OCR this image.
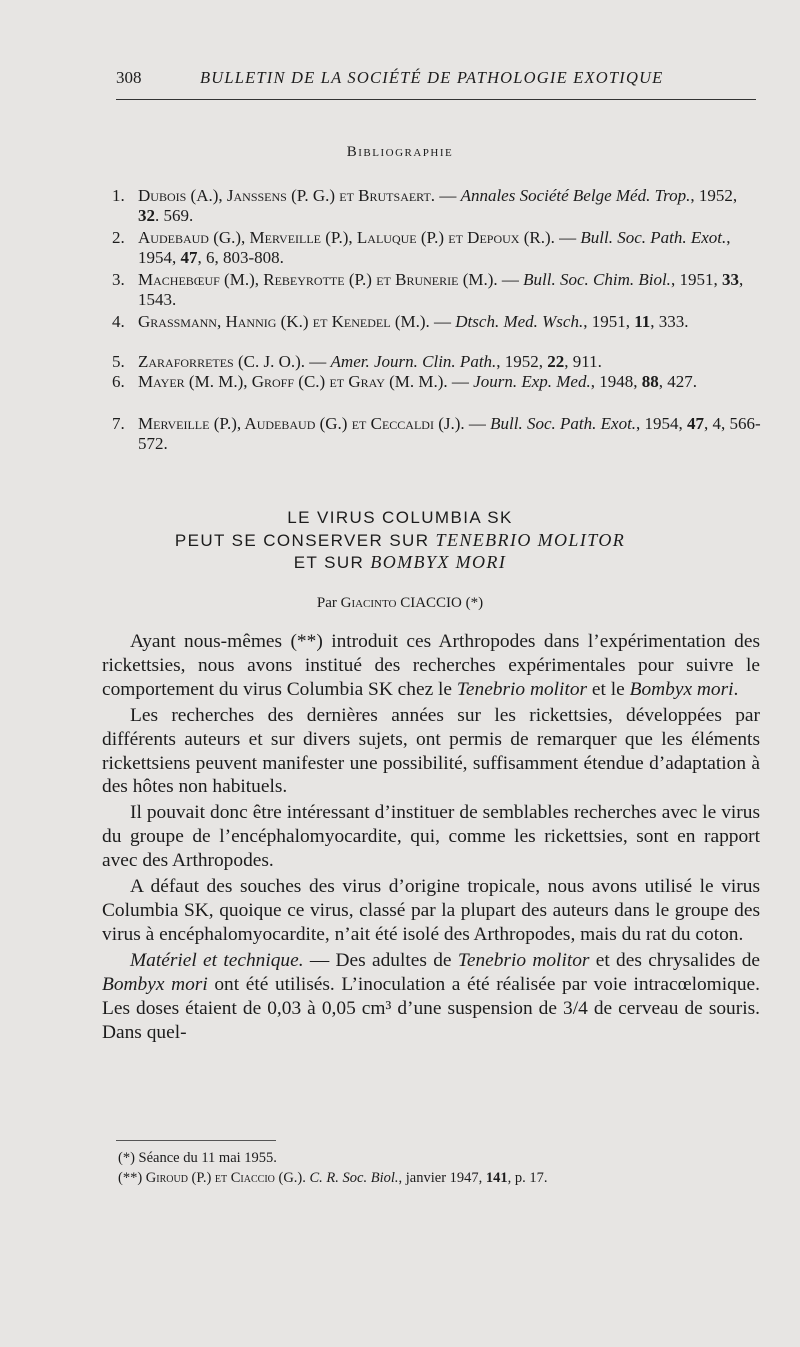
308	BULLETIN DE LA SOCIÉTÉ DE PATHOLOGIE EXOTIQUE
Bibliographie
1. Dubois (A.), Janssens (P. G.) et Brutsaert. — Annales Société Belge Méd. Trop., 1952, 32. 569.
2. Audebaud (G.), Merveille (P.), Laluque (P.) et Depoux (R.). — Bull. Soc. Path. Exot., 1954, 47, 6, 803-808.
3. Machebœuf (M.), Rebeyrotte (P.) et Brunerie (M.). — Bull. Soc. Chim. Biol., 1951, 33, 1543.
4. Grassmann, Hannig (K.) et Kenedel (M.). — Dtsch. Med. Wsch., 1951, 11, 333.
5. Zaraforretes (C. J. O.). — Amer. Journ. Clin. Path., 1952, 22, 911.
6. Mayer (M. M.), Groff (C.) et Gray (M. M.). — Journ. Exp. Med., 1948, 88, 427.
7. Merveille (P.), Audebaud (G.) et Ceccaldi (J.). — Bull. Soc. Path. Exot., 1954, 47, 4, 566-572.
LE VIRUS COLUMBIA SK
PEUT SE CONSERVER SUR TENEBRIO MOLITOR
ET SUR BOMBYX MORI
Par Giacinto CIACCIO (*)

Ayant nous-mêmes (**) introduit ces Arthropodes dans l’expérimentation des rickettsies, nous avons institué des recherches expérimentales pour suivre le comportement du virus Columbia SK chez le Tenebrio molitor et le Bombyx mori.

Les recherches des dernières années sur les rickettsies, développées par différents auteurs et sur divers sujets, ont permis de remarquer que les éléments rickettsiens peuvent manifester une possibilité, suffisamment étendue d’adaptation à des hôtes non habituels.

Il pouvait donc être intéressant d’instituer de semblables recherches avec le virus du groupe de l’encéphalomyocardite, qui, comme les rickettsies, sont en rapport avec des Arthropodes.

A défaut des souches des virus d’origine tropicale, nous avons utilisé le virus Columbia SK, quoique ce virus, classé par la plupart des auteurs dans le groupe des virus à encéphalomyocardite, n’ait été isolé des Arthropodes, mais du rat du coton.

Matériel et technique. — Des adultes de Tenebrio molitor et des chrysalides de Bombyx mori ont été utilisés. L’inoculation a été réalisée par voie intracœlomique. Les doses étaient de 0,03 à 0,05 cm³ d’une suspension de 3/4 de cerveau de souris. Dans quel-

(*) Séance du 11 mai 1955.
(**) Giroud (P.) et Ciaccio (G.). C. R. Soc. Biol., janvier 1947, 141, p. 17.
